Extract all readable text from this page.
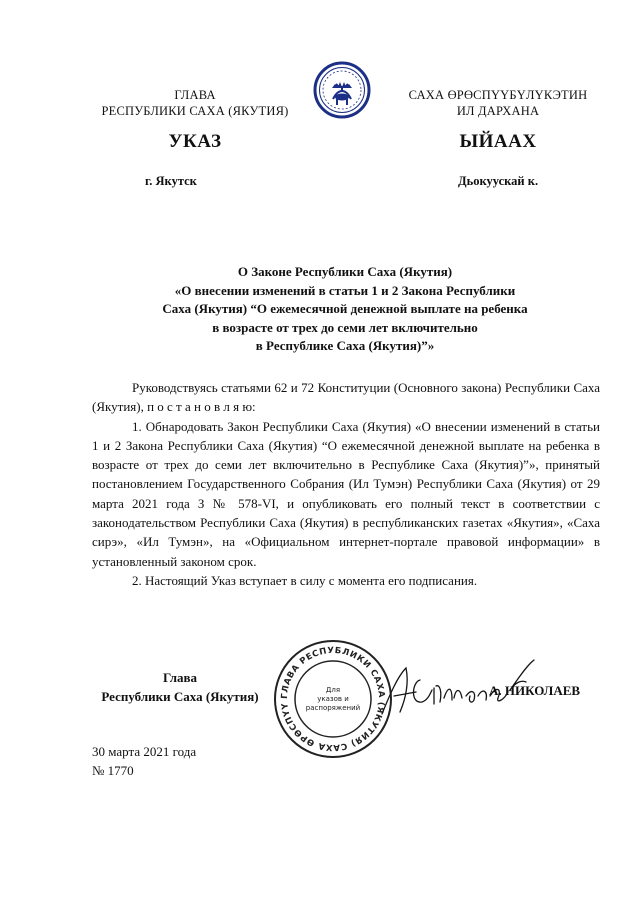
ГЛАВА
РЕСПУБЛИКИ САХА (ЯКУТИЯ)
САХА ӨРӨСПҮҮБҮЛҮКЭТИН
ИЛ ДАРХАНА
УКАЗ	ЫЙААХ
г. Якутск	Дьокуускай к.
О Законе Республики Саха (Якутия)
«О внесении изменений в статьи 1 и 2 Закона Республики
Саха (Якутия) “О ежемесячной денежной выплате на ребенка
в возрасте от трех до семи лет включительно
в Республике Саха (Якутия)”»

Руководствуясь статьями 62 и 72 Конституции (Основного закона) Республики Саха (Якутия), п о с т а н о в л я ю:

1. Обнародовать Закон Республики Саха (Якутия) «О внесении изменений в статьи 1 и 2 Закона Республики Саха (Якутия) “О ежемесячной денежной выплате на ребенка в возрасте от трех до семи лет включительно в Республике Саха (Якутия)”», принятый постановлением Государственного Собрания (Ил Тумэн) Республики Саха (Якутия) от 29 марта 2021 года З № 578-VI, и опубликовать его полный текст в соответствии с законодательством Республики Саха (Якутия) в республиканских газетах «Якутия», «Саха сирэ», «Ил Тумэн», на «Официальном интернет-портале правовой информации» в установленный законом срок.

2. Настоящий Указ вступает в силу с момента его подписания.

Глава
Республики Саха (Якутия)	ГЛАВА РЕСПУБЛИКИ САХА (ЯКУТИЯ) САХА ӨРӨСПҮҮ
Для
указов и
распоряжений
А. НИКОЛАЕВ
30 марта 2021 года
№ 1770
